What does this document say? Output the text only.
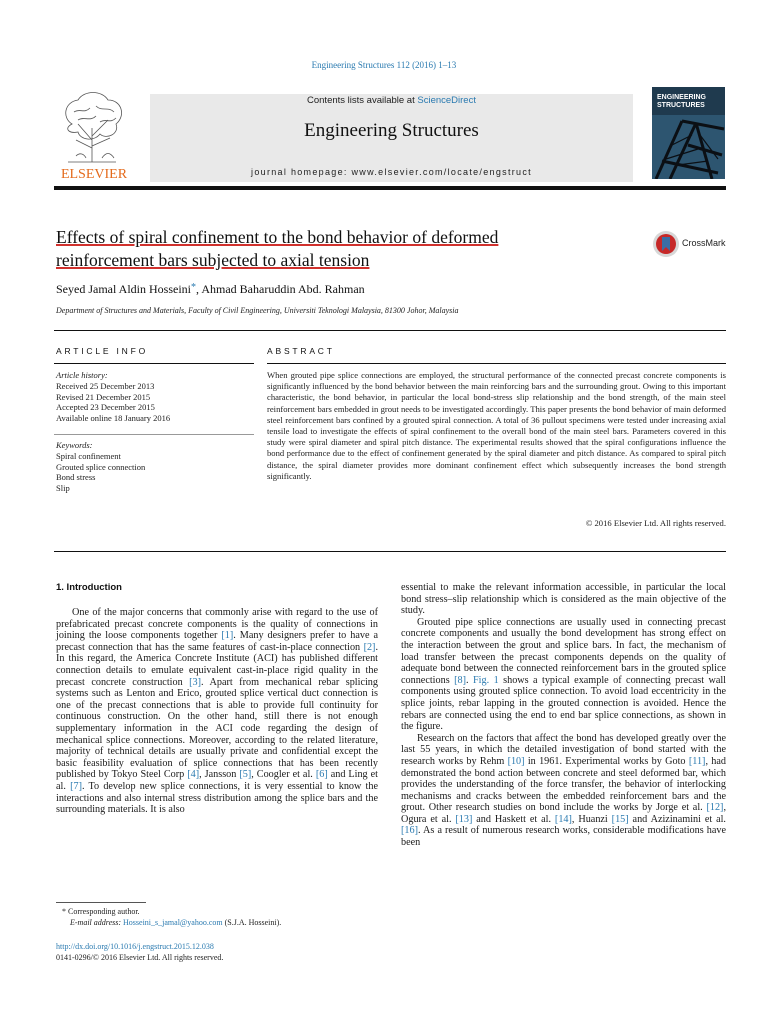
Engineering Structures 112 (2016) 1–13
ELSEVIER
Contents lists available at ScienceDirect
Engineering Structures
journal homepage: www.elsevier.com/locate/engstruct
ENGINEERING STRUCTURES
Effects of spiral confinement to the bond behavior of deformed
reinforcement bars subjected to axial tension
CrossMark
Seyed Jamal Aldin Hosseini*, Ahmad Baharuddin Abd. Rahman
Department of Structures and Materials, Faculty of Civil Engineering, Universiti Teknologi Malaysia, 81300 Johor, Malaysia
ARTICLE INFO
Article history:
Received 25 December 2013
Revised 21 December 2015
Accepted 23 December 2015
Available online 18 January 2016
Keywords:
Spiral confinement
Grouted splice connection
Bond stress
Slip
ABSTRACT
When grouted pipe splice connections are employed, the structural performance of the connected precast concrete components is significantly influenced by the bond behavior between the main reinforcing bars and the surrounding grout. Owing to this important characteristic, the bond behavior, in particular the local bond-stress slip relationship and the bond strength, of the main steel reinforcement bars embedded in grout needs to be investigated accordingly. This paper presents the bond behavior of main deformed steel reinforcement bars confined by a grouted spiral connection. A total of 36 pullout specimens were tested under increasing axial tensile load to investigate the effects of spiral confinement to the overall bond of the main steel bars. Parameters covered in this study were spiral diameter and spiral pitch distance. The experimental results showed that the spiral configurations influence the bond performance due to the effect of confinement generated by the spiral diameter and pitch distance. As compared to spiral pitch distance, the spiral diameter provides more dominant confinement effect which subsequently increases the bond strength significantly.
© 2016 Elsevier Ltd. All rights reserved.
1. Introduction

One of the major concerns that commonly arise with regard to the use of prefabricated precast concrete components is the quality of connections in joining the loose components together [1]. Many designers prefer to have a precast connection that has the same features of cast-in-place connection [2]. In this regard, the America Concrete Institute (ACI) has published different connection details to emulate equivalent cast-in-place rigid quality in the precast concrete construction [3]. Apart from mechanical rebar splicing systems such as Lenton and Erico, grouted splice vertical duct connection is one of the precast connections that is able to provide full continuity for continuous construction. On the other hand, still there is not enough supplementary information in the ACI code regarding the design of mechanical splice connections. Moreover, according to the related literature, majority of technical details are usually private and confidential except the basic feasibility evaluation of splice connections that has been recently published by Tokyo Steel Corp [4], Jansson [5], Coogler et al. [6] and Ling et al. [7]. To develop new splice connections, it is very essential to know the interactions and also internal stress distribution among the splice bars and the surrounding materials. It is also

essential to make the relevant information accessible, in particular the local bond stress–slip relationship which is considered as the main objective of the study.

Grouted pipe splice connections are usually used in connecting precast concrete components and usually the bond development has strong effect on the interaction between the grout and splice bars. In fact, the mechanism of load transfer between the precast components depends on the quality of adequate bond between the connected reinforcement bars in the grouted splice connections [8]. Fig. 1 shows a typical example of connecting precast wall components using grouted splice connection. To avoid load eccentricity in the splice joints, rebar lapping in the grouted connection is avoided. Hence the rebars are connected using the end to end bar splice connections, as shown in the figure.

Research on the factors that affect the bond has developed greatly over the last 55 years, in which the detailed investigation of bond started with the research works by Rehm [10] in 1961. Experimental works by Goto [11], had demonstrated the bond action between concrete and steel deformed bar, which provides the understanding of the force transfer, the behavior of interlocking mechanisms and cracks between the embedded reinforcement bars and the grout. Other research studies on bond include the works by Jorge et al. [12], Ogura et al. [13] and Haskett et al. [14], Huanzi [15] and Azizinamini et al. [16]. As a result of numerous research works, considerable modifications have been

* Corresponding author.
E-mail address: Hosseini_s_jamal@yahoo.com (S.J.A. Hosseini).
http://dx.doi.org/10.1016/j.engstruct.2015.12.038
0141-0296/© 2016 Elsevier Ltd. All rights reserved.
